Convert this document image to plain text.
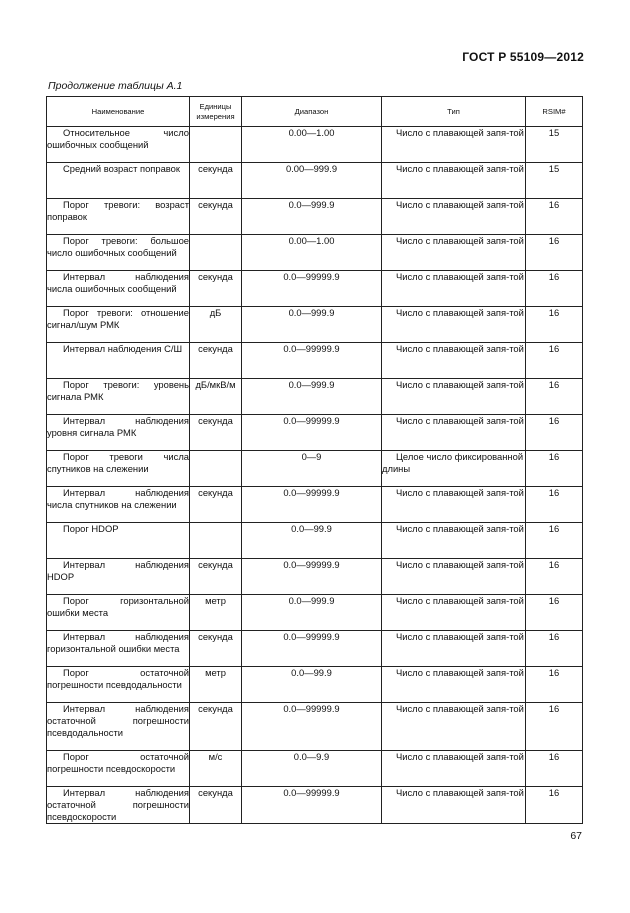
ГОСТ Р 55109—2012
Продолжение таблицы А.1
Наименование	Единицы измерения	Диапазон	Тип	RSIM#
Относительное число ошибочных сообщений		0.00—1.00	Число с плавающей запя-той	15
Средний возраст поправок	секунда	0.00—999.9	Число с плавающей запя-той	15
Порог тревоги: возраст поправок	секунда	0.0—999.9	Число с плавающей запя-той	16
Порог тревоги: большое число ошибочных сообщений		0.00—1.00	Число с плавающей запя-той	16
Интервал наблюдения числа ошибочных сообщений	секунда	0.0—99999.9	Число с плавающей запя-той	16
Порог тревоги: отношение сигнал/шум РМК	дБ	0.0—999.9	Число с плавающей запя-той	16
Интервал наблюдения С/Ш	секунда	0.0—99999.9	Число с плавающей запя-той	16
Порог тревоги: уровень сигнала РМК	дБ/мкВ/м	0.0—999.9	Число с плавающей запя-той	16
Интервал наблюдения уровня сигнала РМК	секунда	0.0—99999.9	Число с плавающей запя-той	16
Порог тревоги числа спутников на слежении		0—9	Целое число фиксированной длины	16
Интервал наблюдения числа спутников на слежении	секунда	0.0—99999.9	Число с плавающей запя-той	16
Порог HDOP		0.0—99.9	Число с плавающей запя-той	16
Интервал наблюдения HDOP	секунда	0.0—99999.9	Число с плавающей запя-той	16
Порог горизонтальной ошибки места	метр	0.0—999.9	Число с плавающей запя-той	16
Интервал наблюдения горизонтальной ошибки места	секунда	0.0—99999.9	Число с плавающей запя-той	16
Порог остаточной погрешности псевдодальности	метр	0.0—99.9	Число с плавающей запя-той	16
Интервал наблюдения остаточной погрешности псевдодальности	секунда	0.0—99999.9	Число с плавающей запя-той	16
Порог остаточной погрешности псевдоскорости	м/с	0.0—9.9	Число с плавающей запя-той	16
Интервал наблюдения остаточной погрешности псевдоскорости	секунда	0.0—99999.9	Число с плавающей запя-той	16
67
